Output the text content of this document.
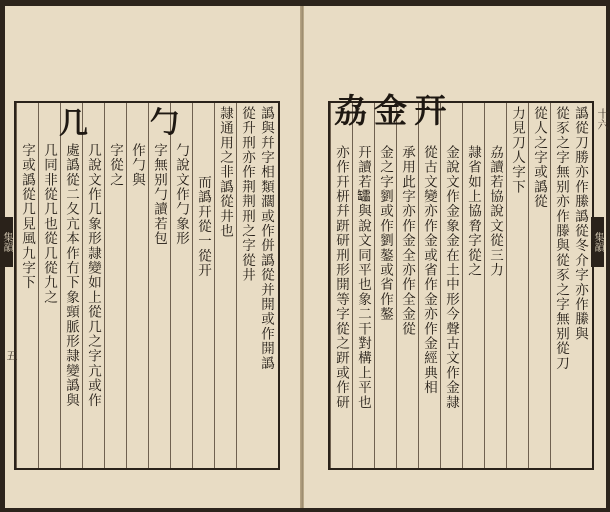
譌與幷字相類𤄃或作併譌從并開或作開譌
從升刑亦作荆荆刑之字從井
隷通用之非譌從井也
而譌幵從一從开
勹說文作勹象形
字無别勹讀若包
作勹與
字從之
几說文作几象形隷變如上從几之字亢或作
處譌從二夂亢本作冇下象頸脈形隷變譌與
几同非從几也從几從九之
字或譌從几見風九字下
勹
几	譌從刀勝亦作縢譌從冬介字亦作縢與
從豕之字無别亦作滕與從豕之字無别從刀
從人之字或譌從
力見刀人字下
劦讀若協說文從三力
隷省如上協脅字從之
金說文作金象金在土中形今聲古文作金隷
從古文變亦作金或省作金亦作金經典相
承用此字亦作金全亦作全金從
金之字劉或作劉鏊或省作鏊
幵讀若𦉢與說文同平也象二干對構上平也
亦作幵枅幷趼研刑形開等字從之趼或作研
劦金幵
集韻	集韻
五
十六
